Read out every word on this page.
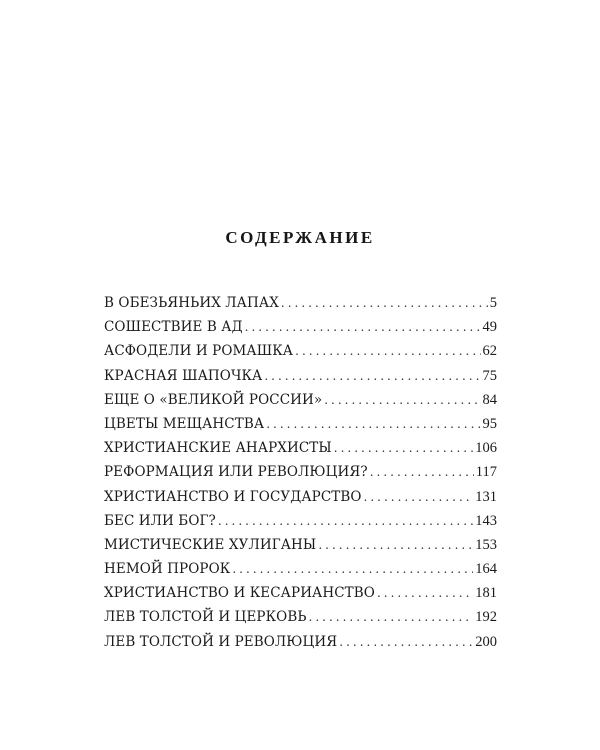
СОДЕРЖАНИЕ
В ОБЕЗЬЯНЬИХ ЛАПАХ .....	5
СОШЕСТВИЕ В АД .....	49
АСФОДЕЛИ И РОМАШКА .....	62
КРАСНАЯ ШАПОЧКА .....	75
ЕЩЕ О «ВЕЛИКОЙ РОССИИ» .....	84
ЦВЕТЫ МЕЩАНСТВА .....	95
ХРИСТИАНСКИЕ АНАРХИСТЫ .....	106
РЕФОРМАЦИЯ ИЛИ РЕВОЛЮЦИЯ? .....	117
ХРИСТИАНСТВО И ГОСУДАРСТВО .....	131
БЕС ИЛИ БОГ? .....	143
МИСТИЧЕСКИЕ ХУЛИГАНЫ .....	153
НЕМОЙ ПРОРОК .....	164
ХРИСТИАНСТВО И КЕСАРИАНСТВО .....	181
ЛЕВ ТОЛСТОЙ И ЦЕРКОВЬ .....	192
ЛЕВ ТОЛСТОЙ И РЕВОЛЮЦИЯ .....	200
